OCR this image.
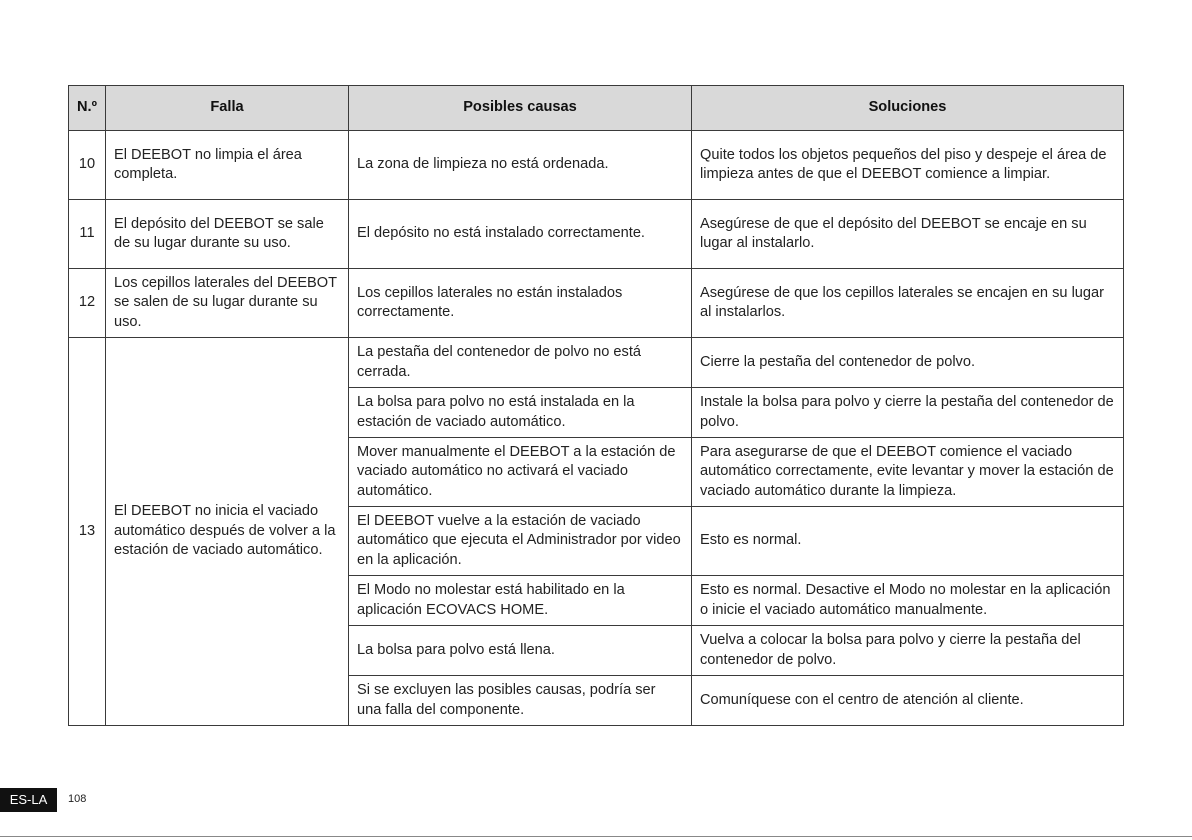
N.º	Falla	Posibles causas	Soluciones
10	El DEEBOT no limpia el área completa.	La zona de limpieza no está ordenada.	Quite todos los objetos pequeños del piso y despeje el área de limpieza antes de que el DEEBOT comience a limpiar.
11	El depósito del DEEBOT se sale de su lugar durante su uso.	El depósito no está instalado correctamente.	Asegúrese de que el depósito del DEEBOT se encaje en su lugar al instalarlo.
12	Los cepillos laterales del DEEBOT se salen de su lugar durante su uso.	Los cepillos laterales no están instalados correctamente.	Asegúrese de que los cepillos laterales se encajen en su lugar al instalarlos.
13	El DEEBOT no inicia el vaciado automático después de volver a la estación de vaciado automático.	La pestaña del contenedor de polvo no está cerrada.	Cierre la pestaña del contenedor de polvo.
		La bolsa para polvo no está instalada en la estación de vaciado automático.	Instale la bolsa para polvo y cierre la pestaña del contenedor de polvo.
		Mover manualmente el DEEBOT a la estación de vaciado automático no activará el vaciado automático.	Para asegurarse de que el DEEBOT comience el vaciado automático correctamente, evite levantar y mover la estación de vaciado automático durante la limpieza.
		El DEEBOT vuelve a la estación de vaciado automático que ejecuta el Administrador por video en la aplicación.	Esto es normal.
		El Modo no molestar está habilitado en la aplicación ECOVACS HOME.	Esto es normal. Desactive el Modo no molestar en la aplicación o inicie el vaciado automático manualmente.
		La bolsa para polvo está llena.	Vuelva a colocar la bolsa para polvo y cierre la pestaña del contenedor de polvo.
		Si se excluyen las posibles causas, podría ser una falla del componente.	Comuníquese con el centro de atención al cliente.
ES-LA	108
